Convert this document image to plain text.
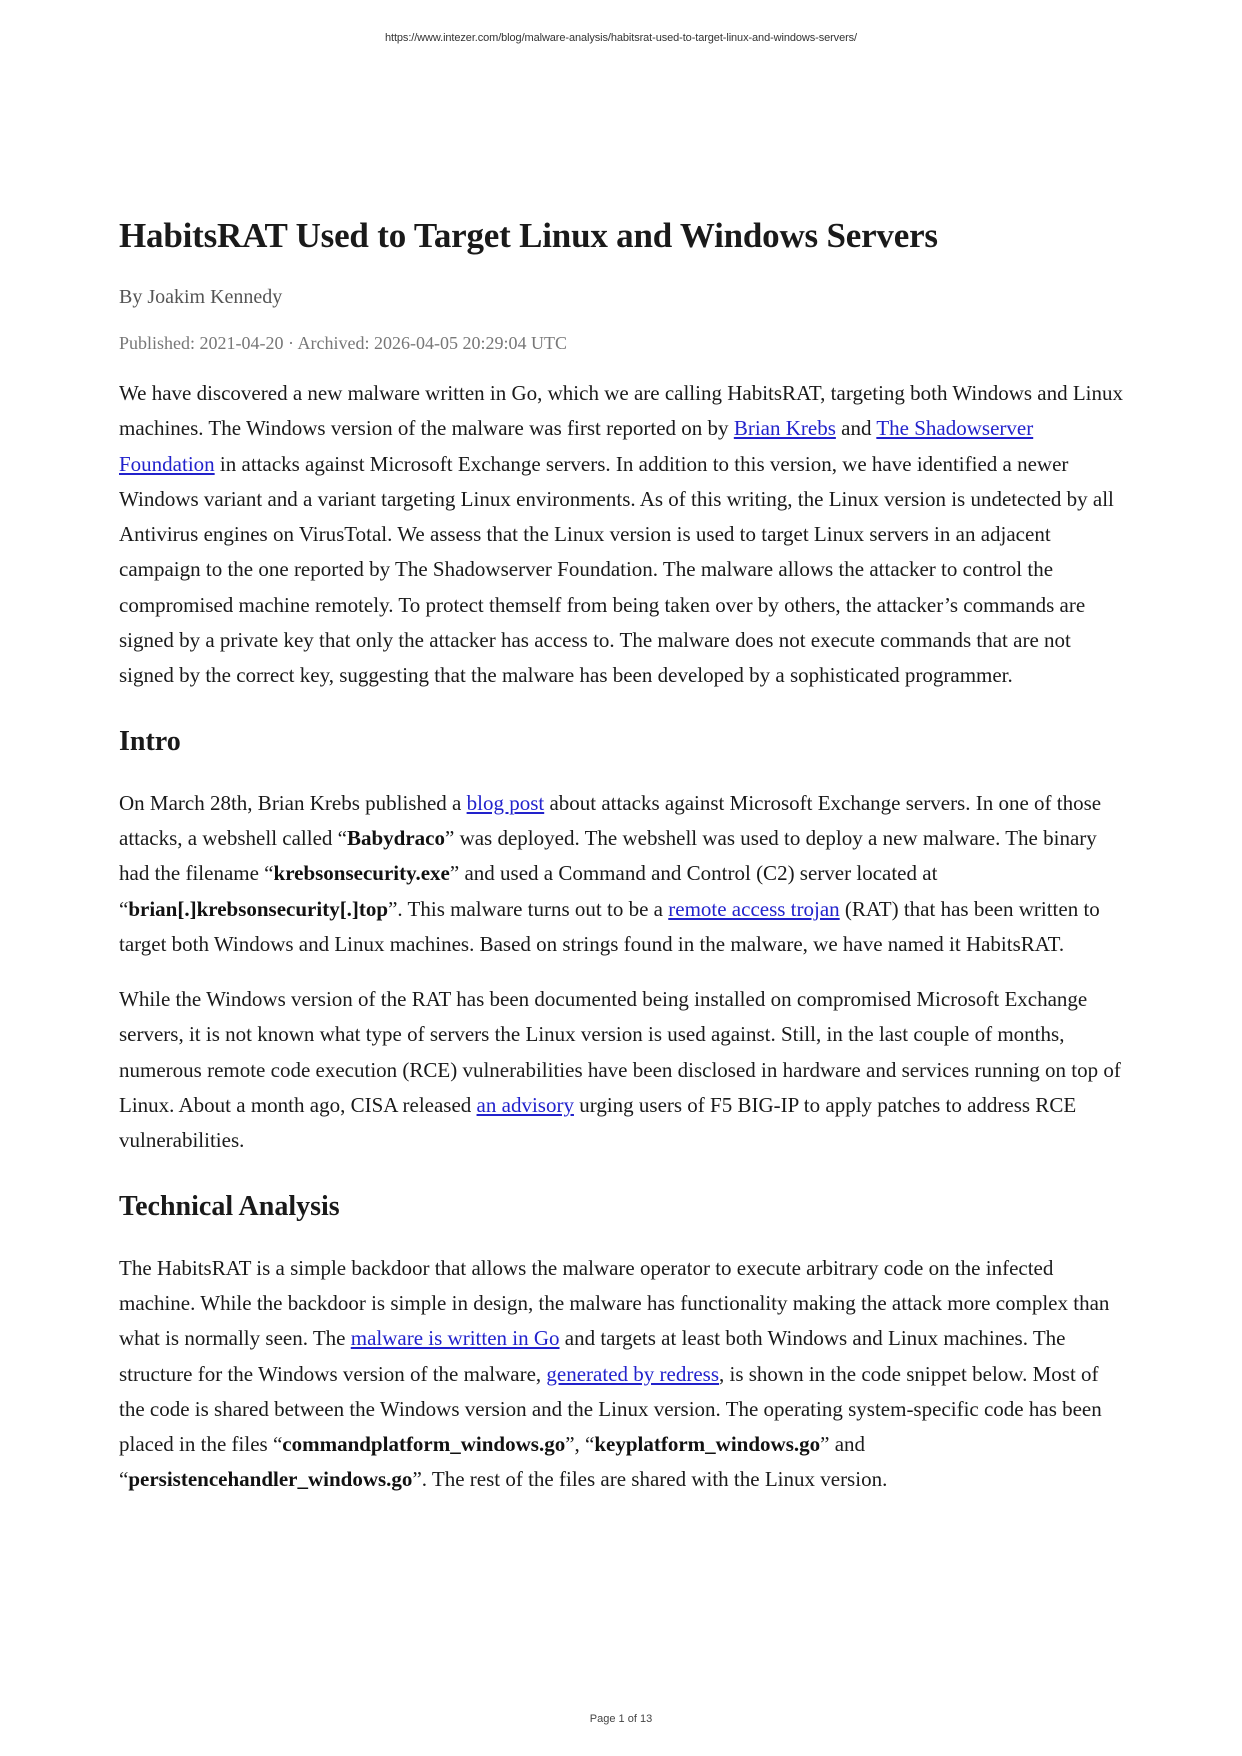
https://www.intezer.com/blog/malware-analysis/habitsrat-used-to-target-linux-and-windows-servers/
HabitsRAT Used to Target Linux and Windows Servers
By Joakim Kennedy
Published: 2021-04-20 · Archived: 2026-04-05 20:29:04 UTC

We have discovered a new malware written in Go, which we are calling HabitsRAT, targeting both Windows and Linux machines. The Windows version of the malware was first reported on by Brian Krebs and The Shadowserver Foundation in attacks against Microsoft Exchange servers. In addition to this version, we have identified a newer Windows variant and a variant targeting Linux environments. As of this writing, the Linux version is undetected by all Antivirus engines on VirusTotal. We assess that the Linux version is used to target Linux servers in an adjacent campaign to the one reported by The Shadowserver Foundation. The malware allows the attacker to control the compromised machine remotely. To protect themself from being taken over by others, the attacker’s commands are signed by a private key that only the attacker has access to. The malware does not execute commands that are not signed by the correct key, suggesting that the malware has been developed by a sophisticated programmer.

Intro

On March 28th, Brian Krebs published a blog post about attacks against Microsoft Exchange servers. In one of those attacks, a webshell called “Babydraco” was deployed. The webshell was used to deploy a new malware. The binary had the filename “krebsonsecurity.exe” and used a Command and Control (C2) server located at “brian[.]krebsonsecurity[.]top”. This malware turns out to be a remote access trojan (RAT) that has been written to target both Windows and Linux machines. Based on strings found in the malware, we have named it HabitsRAT.

While the Windows version of the RAT has been documented being installed on compromised Microsoft Exchange servers, it is not known what type of servers the Linux version is used against. Still, in the last couple of months, numerous remote code execution (RCE) vulnerabilities have been disclosed in hardware and services running on top of Linux. About a month ago, CISA released an advisory urging users of F5 BIG-IP to apply patches to address RCE vulnerabilities.

Technical Analysis

The HabitsRAT is a simple backdoor that allows the malware operator to execute arbitrary code on the infected machine. While the backdoor is simple in design, the malware has functionality making the attack more complex than what is normally seen. The malware is written in Go and targets at least both Windows and Linux machines. The structure for the Windows version of the malware, generated by redress, is shown in the code snippet below. Most of the code is shared between the Windows version and the Linux version. The operating system-specific code has been placed in the files “commandplatform_windows.go”, “keyplatform_windows.go” and “persistencehandler_windows.go”. The rest of the files are shared with the Linux version.

Page 1 of 13
